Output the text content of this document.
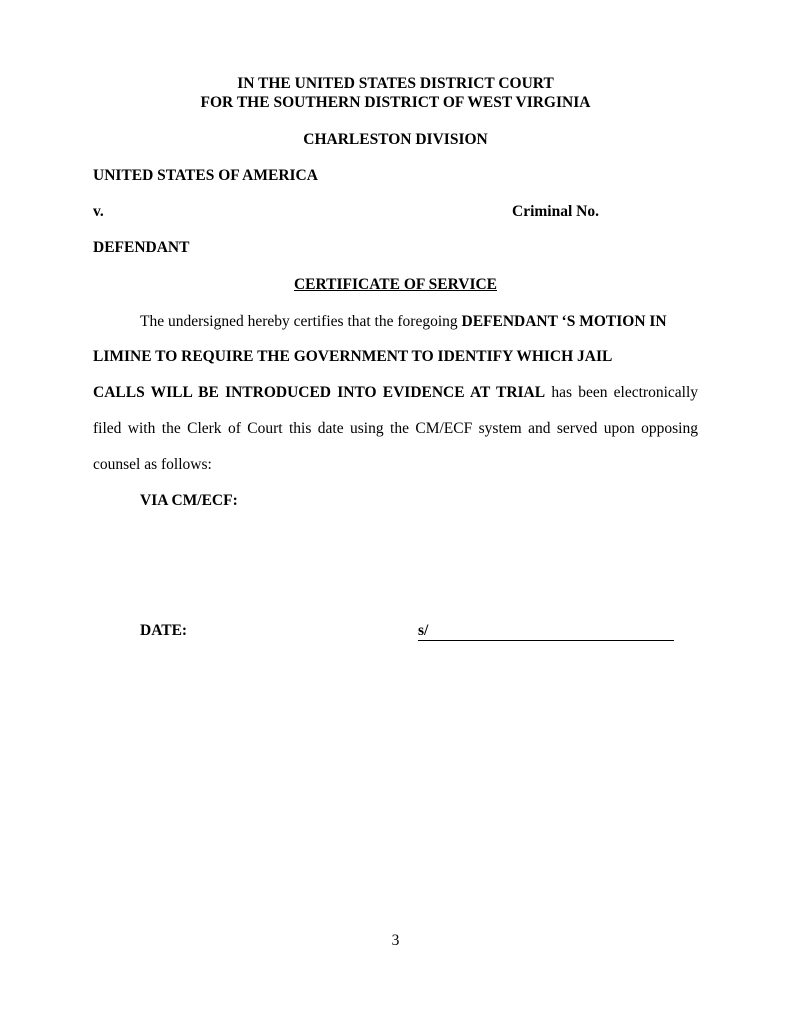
IN THE UNITED STATES DISTRICT COURT
FOR THE SOUTHERN DISTRICT OF WEST VIRGINIA
CHARLESTON DIVISION
UNITED STATES OF AMERICA
v.	Criminal No.
DEFENDANT
CERTIFICATE OF SERVICE
The undersigned hereby certifies that the foregoing DEFENDANT ‘S MOTION IN
LIMINE TO REQUIRE THE GOVERNMENT TO IDENTIFY WHICH JAIL
CALLS WILL BE INTRODUCED INTO EVIDENCE AT TRIAL has been electronically
filed with the Clerk of Court this date using the CM/ECF system and served upon opposing
counsel as follows:
VIA CM/ECF:
DATE:	s/
3
